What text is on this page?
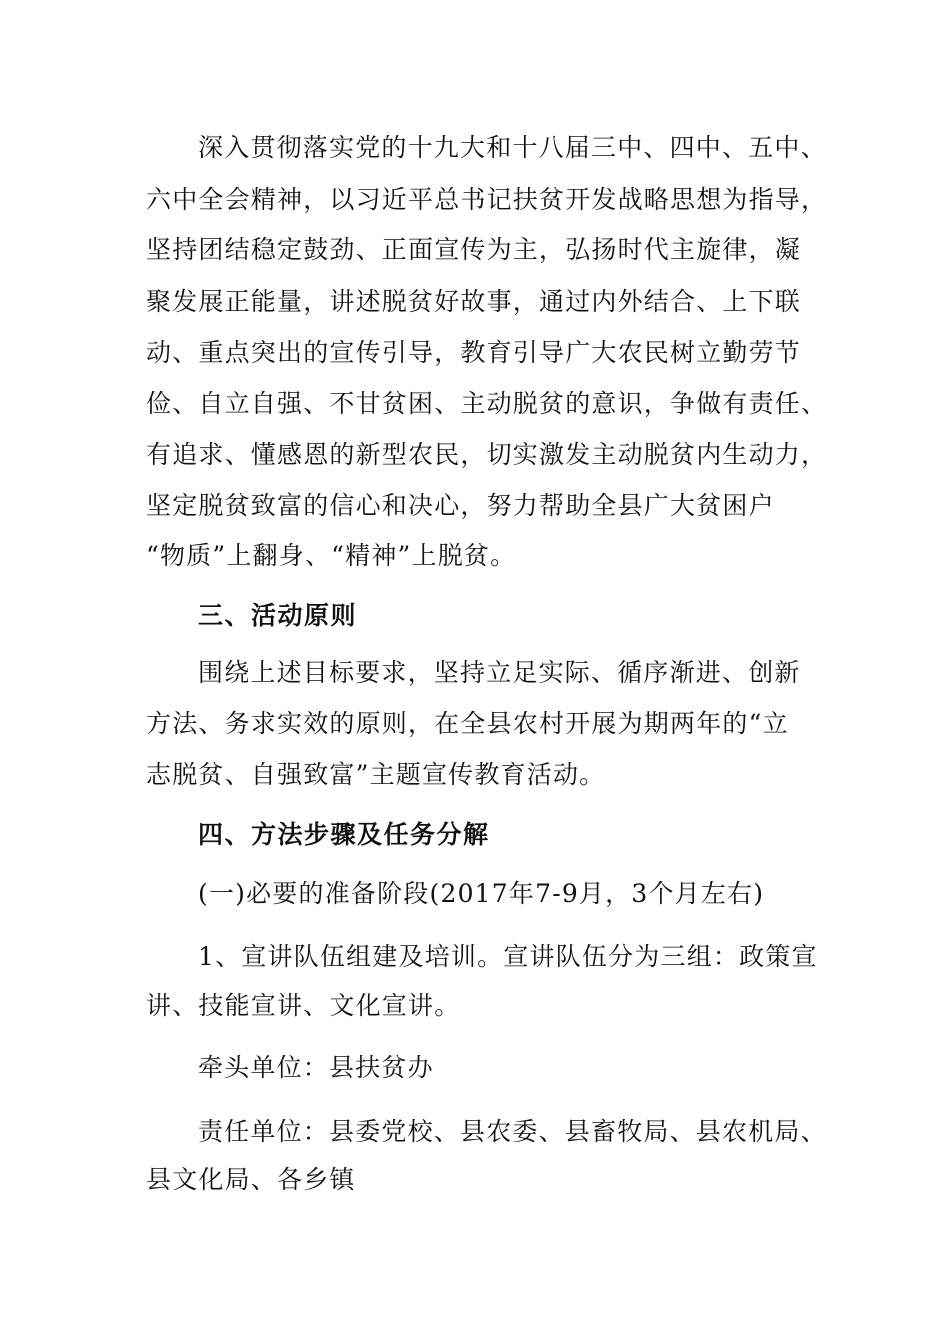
深入贯彻落实党的十九大和十八届三中、四中、五中、
六中全会精神，以习近平总书记扶贫开发战略思想为指导，
坚持团结稳定鼓劲、正面宣传为主，弘扬时代主旋律，凝
聚发展正能量，讲述脱贫好故事，通过内外结合、上下联
动、重点突出的宣传引导，教育引导广大农民树立勤劳节
俭、自立自强、不甘贫困、主动脱贫的意识，争做有责任、
有追求、懂感恩的新型农民，切实激发主动脱贫内生动力，
坚定脱贫致富的信心和决心，努力帮助全县广大贫困户
“物质”上翻身、“精神”上脱贫。
三、活动原则
围绕上述目标要求，坚持立足实际、循序渐进、创新
方法、务求实效的原则，在全县农村开展为期两年的“立
志脱贫、自强致富”主题宣传教育活动。
四、方法步骤及任务分解
(一)必要的准备阶段(2017年7-9月，3个月左右)
1、宣讲队伍组建及培训。宣讲队伍分为三组：政策宣
讲、技能宣讲、文化宣讲。
牵头单位：县扶贫办
责任单位：县委党校、县农委、县畜牧局、县农机局、
县文化局、各乡镇
